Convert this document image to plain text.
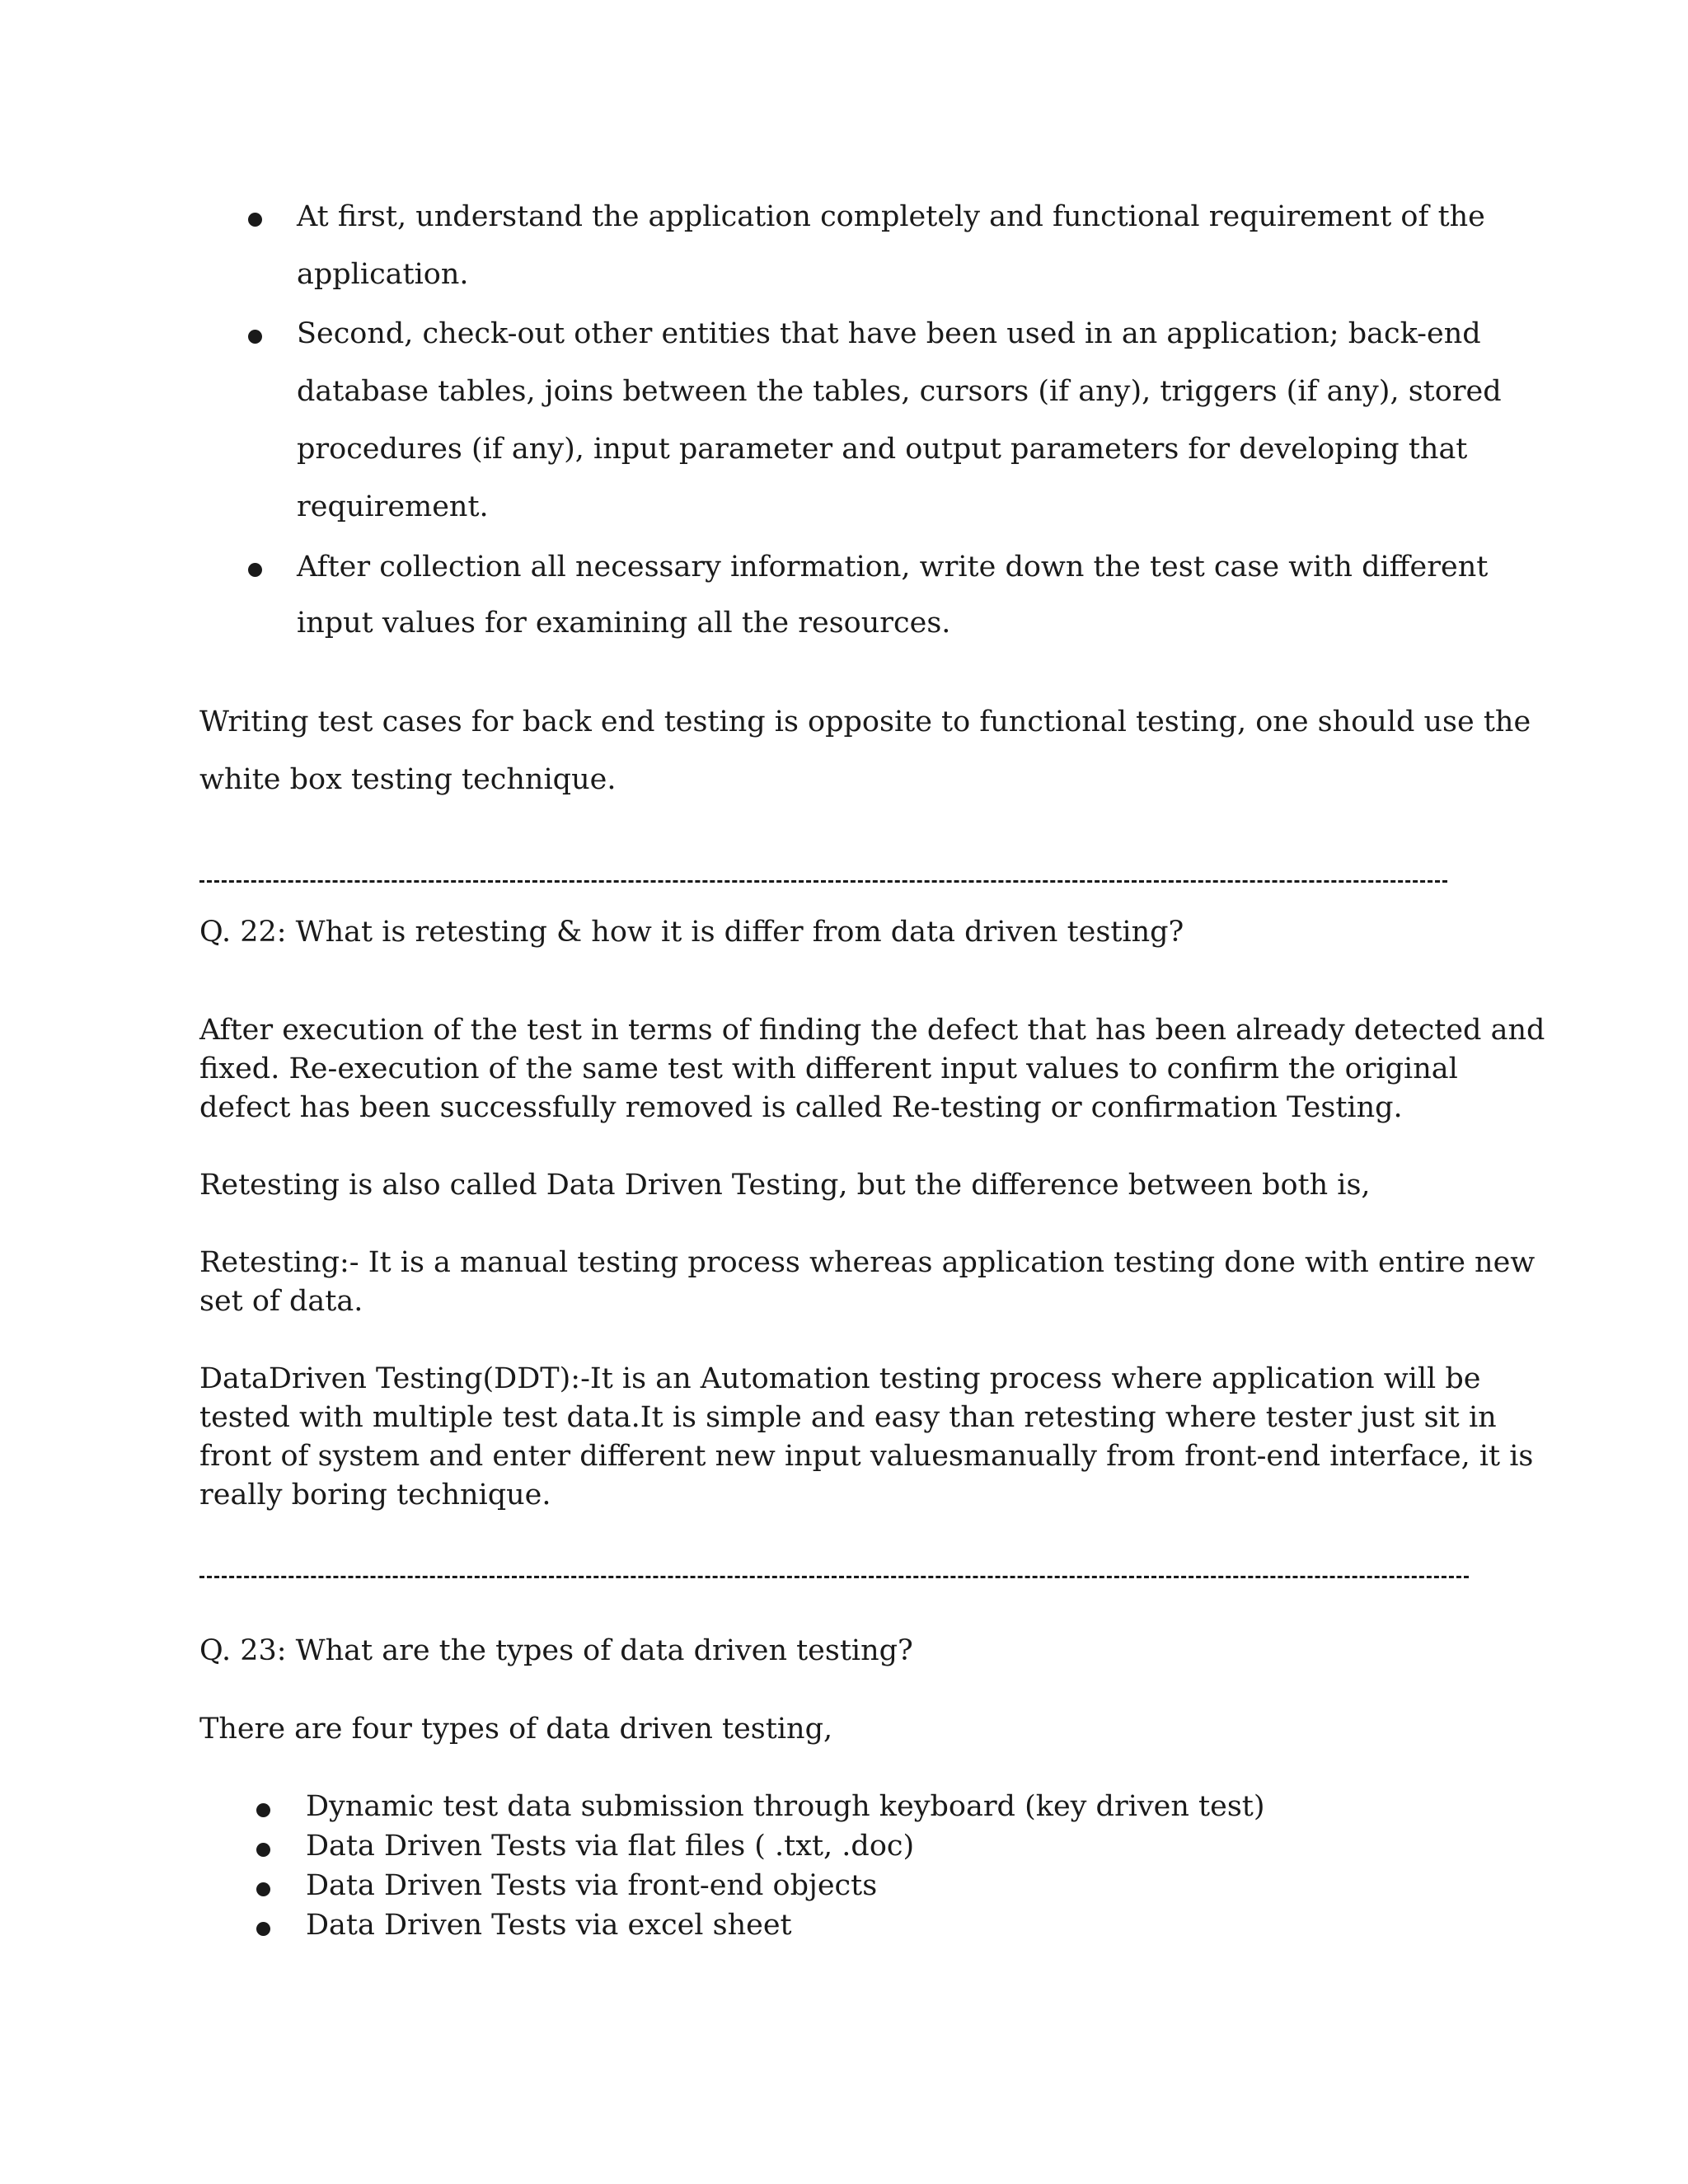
At first, understand the application completely and functional requirement of the
application.
Second, check-out other entities that have been used in an application; back-end
database tables, joins between the tables, cursors (if any), triggers (if any), stored
procedures (if any), input parameter and output parameters for developing that
requirement.
After collection all necessary information, write down the test case with different
input values for examining all the resources.
Writing test cases for back end testing is opposite to functional testing, one should use the
white box testing technique.
Q. 22: What is retesting & how it is differ from data driven testing?
After execution of the test in terms of finding the defect that has been already detected and
fixed. Re-execution of the same test with different input values to confirm the original
defect has been successfully removed is called Re-testing or confirmation Testing.
Retesting is also called Data Driven Testing, but the difference between both is,
Retesting:- It is a manual testing process whereas application testing done with entire new
set of data.
DataDriven Testing(DDT):-It is an Automation testing process where application will be
tested with multiple test data.It is simple and easy than retesting where tester just sit in
front of system and enter different new input valuesmanually from front-end interface, it is
really boring technique.
Q. 23: What are the types of data driven testing?
There are four types of data driven testing,
Dynamic test data submission through keyboard (key driven test)
Data Driven Tests via flat files ( .txt, .doc)
Data Driven Tests via front-end objects
Data Driven Tests via excel sheet
